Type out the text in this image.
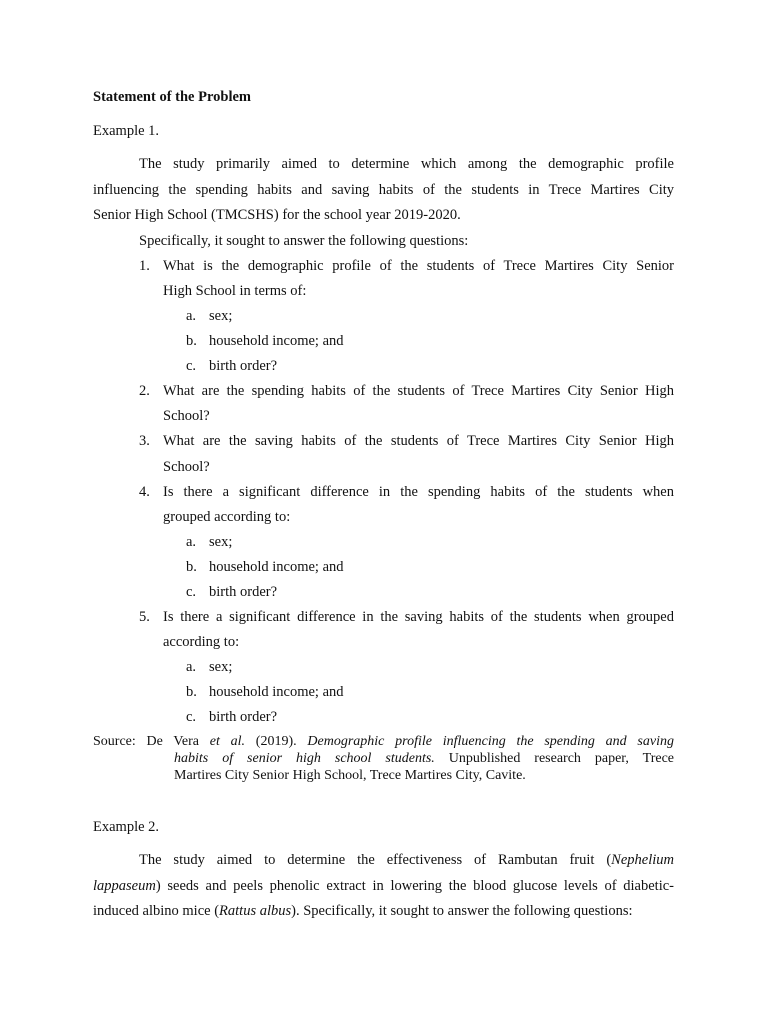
Statement of the Problem
Example 1.
The study primarily aimed to determine which among the demographic profile
influencing the spending habits and saving habits of the students in Trece Martires City
Senior High School (TMCSHS) for the school year 2019-2020.
Specifically, it sought to answer the following questions:
1. What is the demographic profile of the students of Trece Martires City Senior
High School in terms of:
a. sex;
b. household income; and
c. birth order?
2. What are the spending habits of the students of Trece Martires City Senior High
School?
3. What are the saving habits of the students of Trece Martires City Senior High
School?
4. Is there a significant difference in the spending habits of the students when
grouped according to:
a. sex;
b. household income; and
c. birth order?
5. Is there a significant difference in the saving habits of the students when grouped
according to:
a. sex;
b. household income; and
c. birth order?
Source: De Vera et al. (2019). Demographic profile influencing the spending and saving
habits of senior high school students. Unpublished research paper, Trece
Martires City Senior High School, Trece Martires City, Cavite.
Example 2.
The study aimed to determine the effectiveness of Rambutan fruit (Nephelium
lappaseum) seeds and peels phenolic extract in lowering the blood glucose levels of diabetic-
induced albino mice (Rattus albus). Specifically, it sought to answer the following questions:
